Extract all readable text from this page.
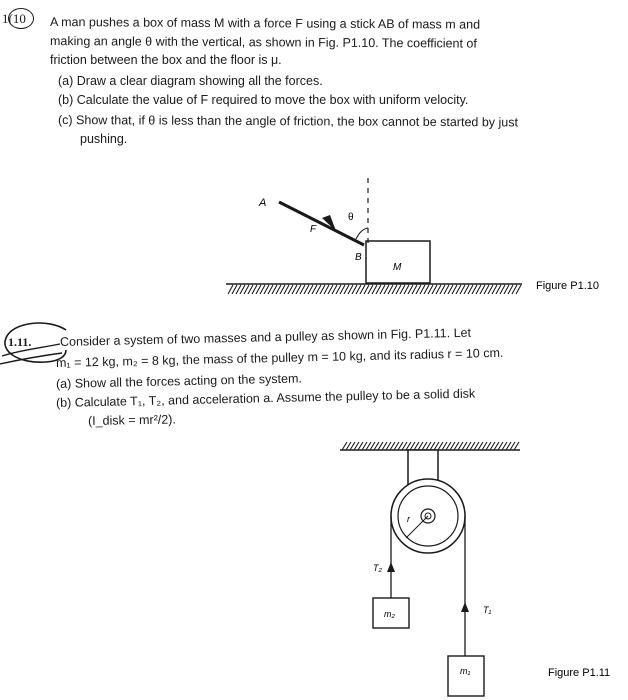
1(10 A man pushes a box of mass M with a force F using a stick AB of mass m and
making an angle θ with the vertical, as shown in Fig. P1.10. The coefficient of
friction between the box and the floor is μ.
(a) Draw a clear diagram showing all the forces.
(b) Calculate the value of F required to move the box with uniform velocity.
(c) Show that, if θ is less than the angle of friction, the box cannot be started by just
pushing.
A
θ
F
B
M
Figure P1.10
1.11. Consider a system of two masses and a pulley as shown in Fig. P1.11. Let
m₁ = 12 kg, m₂ = 8 kg, the mass of the pulley m = 10 kg, and its radius r = 10 cm.
(a) Show all the forces acting on the system.
(b) Calculate T₁, T₂, and acceleration a. Assume the pulley to be a solid disk
(I_disk = mr²/2).
r
T₂
m₂	T₁
m₁	Figure P1.11
